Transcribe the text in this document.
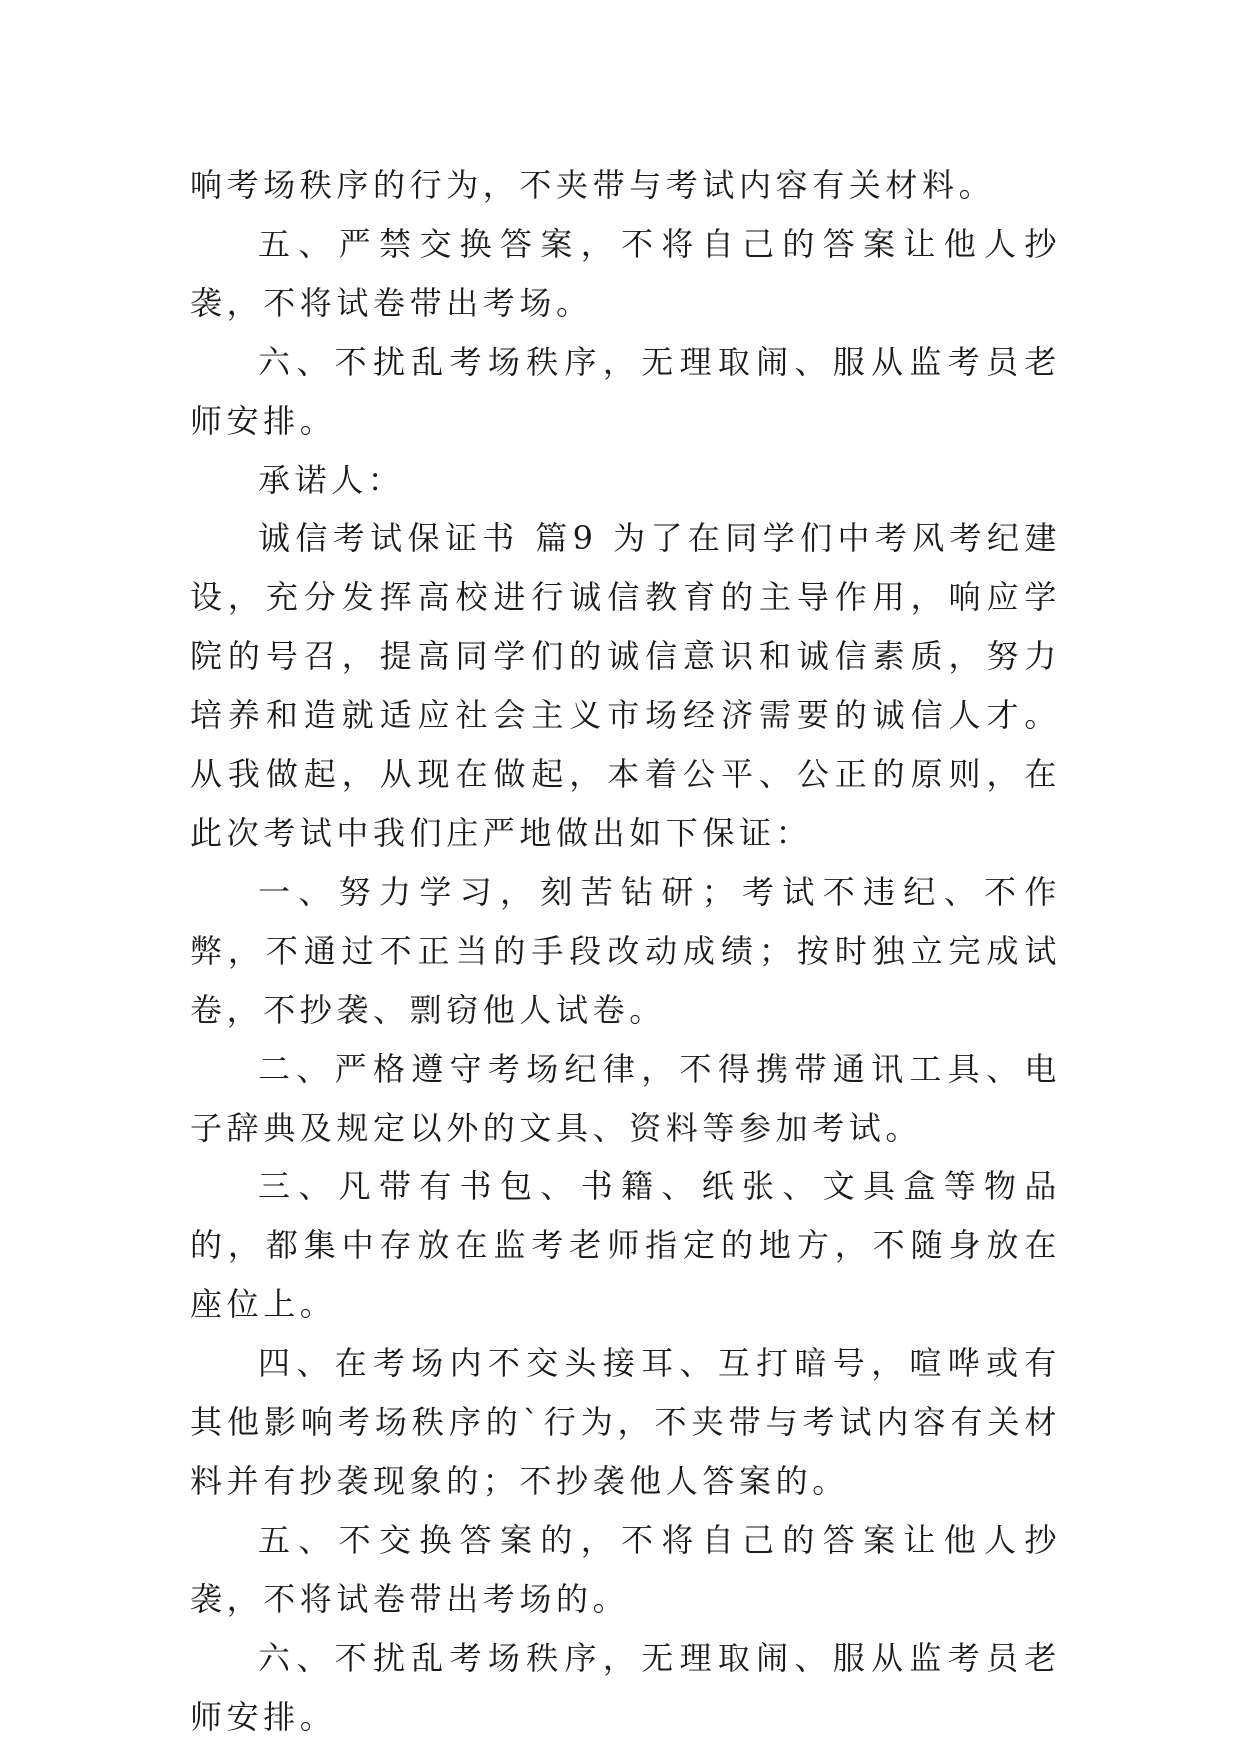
响考场秩序的行为，不夹带与考试内容有关材料。

五、严禁交换答案，不将自己的答案让他人抄袭，不将试卷带出考场。

六、不扰乱考场秩序，无理取闹、服从监考员老师安排。

承诺人：

诚信考试保证书 篇9 为了在同学们中考风考纪建设，充分发挥高校进行诚信教育的主导作用，响应学院的号召，提高同学们的诚信意识和诚信素质，努力培养和造就适应社会主义市场经济需要的诚信人才。从我做起，从现在做起，本着公平、公正的原则，在此次考试中我们庄严地做出如下保证：

一、努力学习，刻苦钻研；考试不违纪、不作弊，不通过不正当的手段改动成绩；按时独立完成试卷，不抄袭、剽窃他人试卷。

二、严格遵守考场纪律，不得携带通讯工具、电子辞典及规定以外的文具、资料等参加考试。

三、凡带有书包、书籍、纸张、文具盒等物品的，都集中存放在监考老师指定的地方，不随身放在座位上。

四、在考场内不交头接耳、互打暗号，喧哗或有其他影响考场秩序的`行为，不夹带与考试内容有关材料并有抄袭现象的；不抄袭他人答案的。

五、不交换答案的，不将自己的答案让他人抄袭，不将试卷带出考场的。

六、不扰乱考场秩序，无理取闹、服从监考员老师安排。
